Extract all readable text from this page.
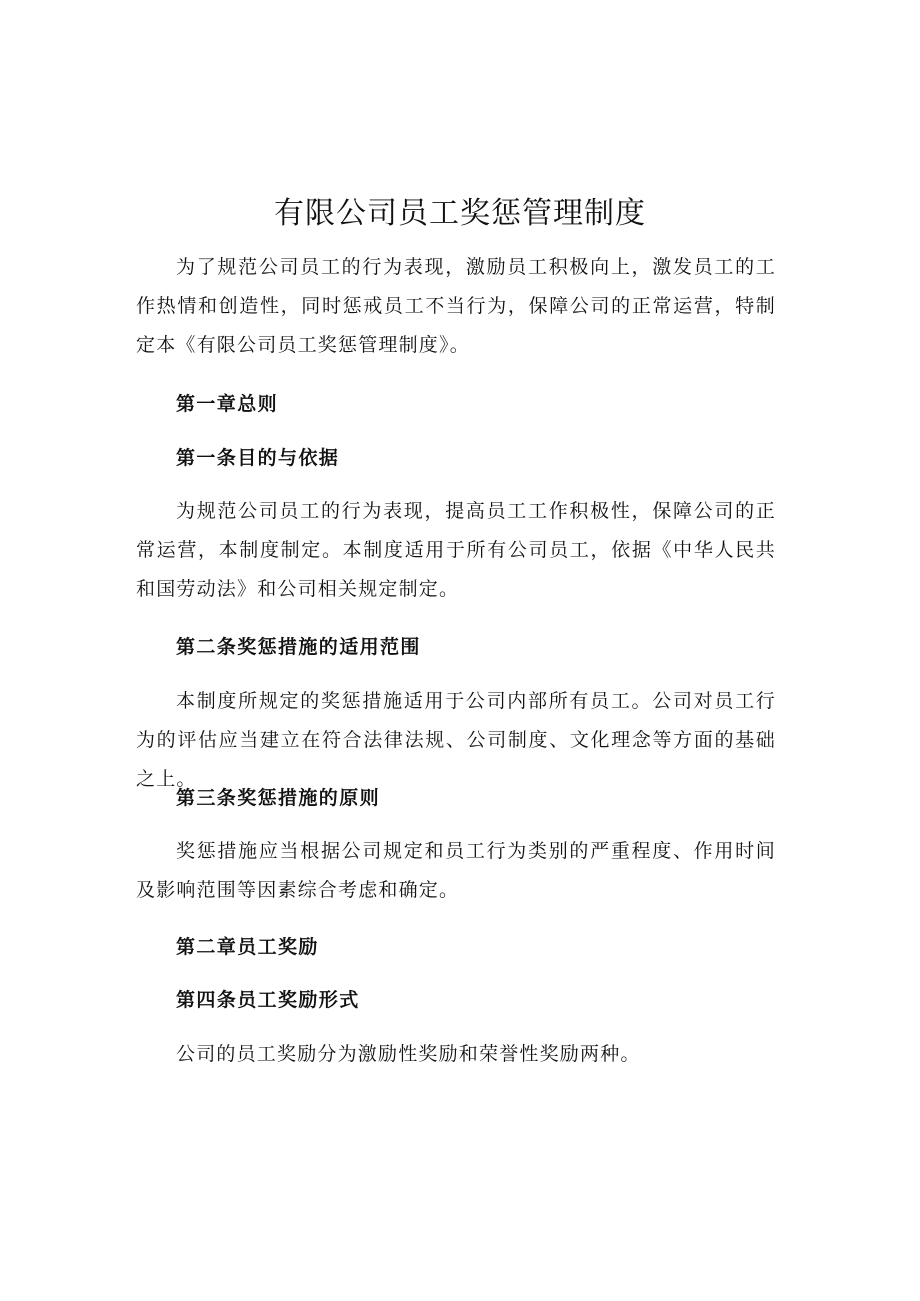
有限公司员工奖惩管理制度

为了规范公司员工的行为表现，激励员工积极向上，激发员工的工作热情和创造性，同时惩戒员工不当行为，保障公司的正常运营，特制定本《有限公司员工奖惩管理制度》。

第一章总则

第一条目的与依据

为规范公司员工的行为表现，提高员工工作积极性，保障公司的正常运营，本制度制定。本制度适用于所有公司员工，依据《中华人民共和国劳动法》和公司相关规定制定。

第二条奖惩措施的适用范围

本制度所规定的奖惩措施适用于公司内部所有员工。公司对员工行为的评估应当建立在符合法律法规、公司制度、文化理念等方面的基础之上。

第三条奖惩措施的原则

奖惩措施应当根据公司规定和员工行为类别的严重程度、作用时间及影响范围等因素综合考虑和确定。

第二章员工奖励

第四条员工奖励形式

公司的员工奖励分为激励性奖励和荣誉性奖励两种。
